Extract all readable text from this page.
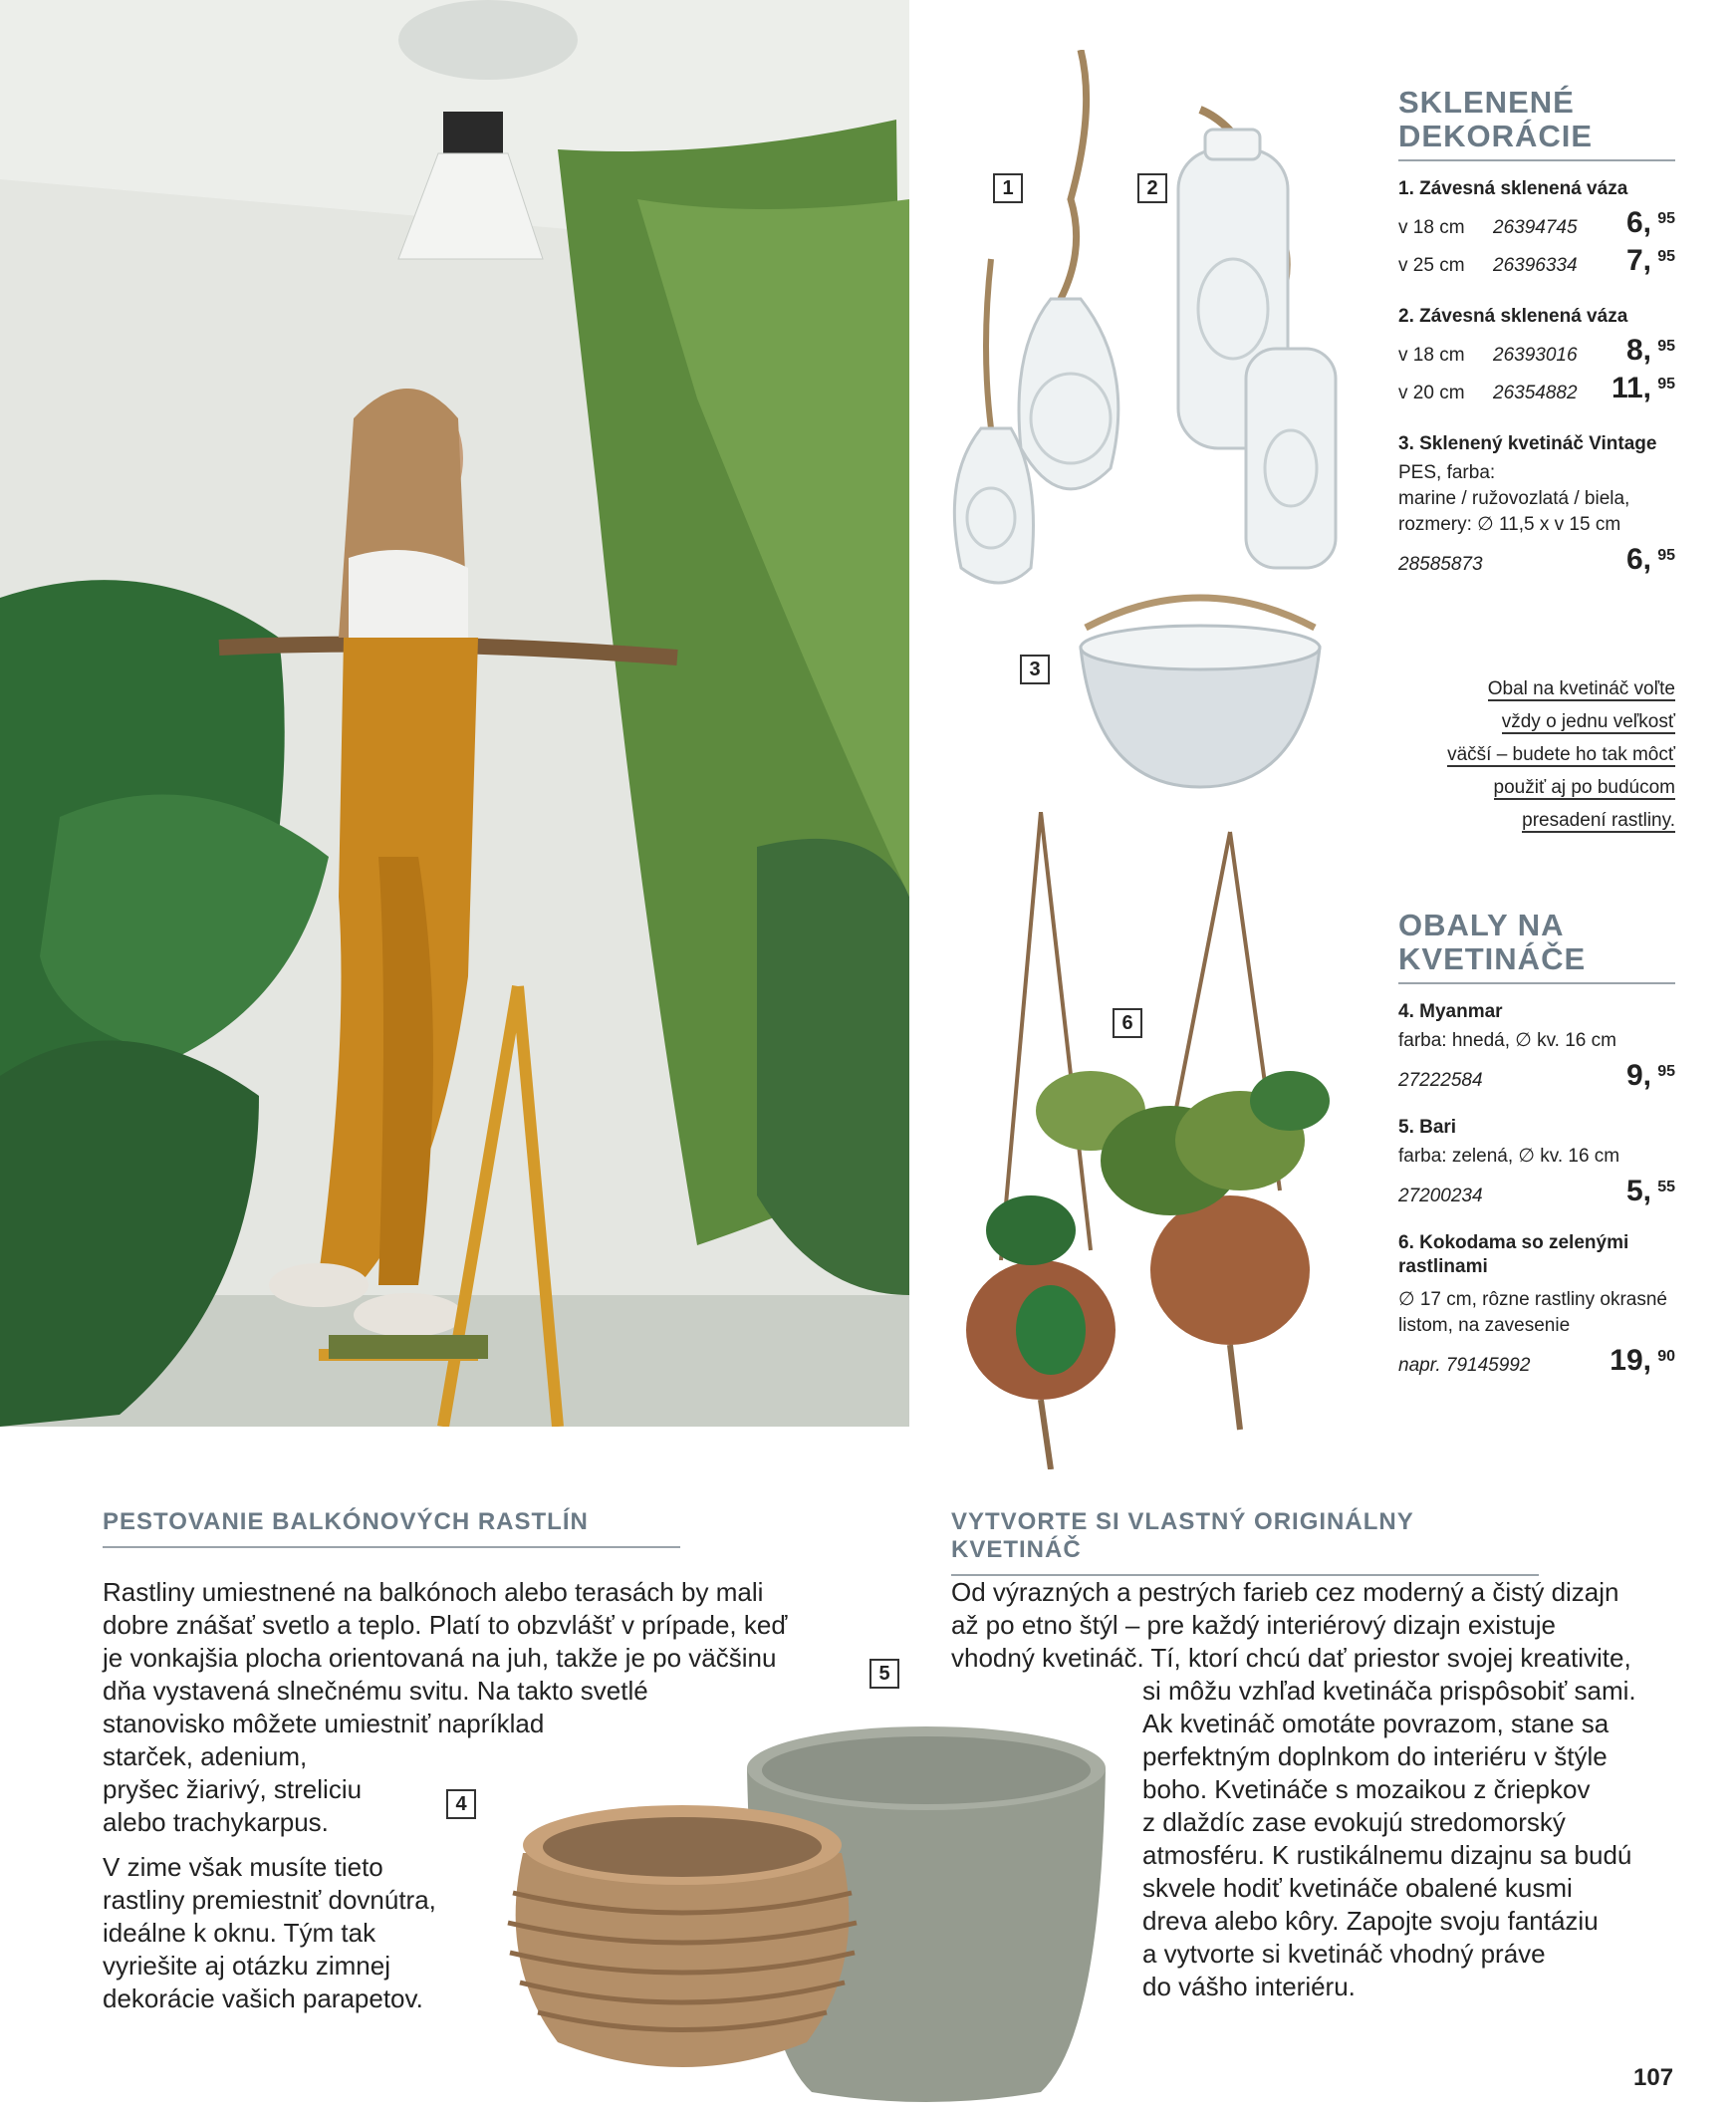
1	2
3
6
5
4
SKLENENÉ DEKORÁCIE
1. Závesná sklenená váza
v 18 cm	26394745	6, 95
v 25 cm	26396334	7, 95
2. Závesná sklenená váza
v 18 cm	26393016	8, 95
v 20 cm	26354882	11, 95
3. Sklenený kvetináč Vintage
PES, farba:
marine / ružovozlatá / biela,
rozmery: ∅ 11,5 x v 15 cm
28585873	6, 95
Obal na kvetináč voľte
vždy o jednu veľkosť
väčší – budete ho tak môcť
použiť aj po budúcom
presadení rastliny.
OBALY NA KVETINÁČE
4. Myanmar
farba: hnedá, ∅ kv. 16 cm
27222584	9, 95
5. Bari
farba: zelená, ∅ kv. 16 cm
27200234	5, 55
6. Kokodama so zelenými rastlinami
∅ 17 cm, rôzne rastliny okrasné listom, na zavesenie
napr. 79145992	19, 90
PESTOVANIE BALKÓNOVÝCH RASTLÍN
Rastliny umiestnené na balkónoch alebo terasách by mali
dobre znášať svetlo a teplo. Platí to obzvlášť v prípade, keď
je vonkajšia plocha orientovaná na juh, takže je po väčšinu
dňa vystavená slnečnému svitu. Na takto svetlé
stanovisko môžete umiestniť napríklad
starček, adenium,
pryšec žiarivý, streliciu
alebo trachykarpus.
V zime však musíte tieto
rastliny premiestniť dovnútra,
ideálne k oknu. Tým tak
vyriešite aj otázku zimnej
dekorácie vašich parapetov.
VYTVORTE SI VLASTNÝ ORIGINÁLNY KVETINÁČ
Od výrazných a pestrých farieb cez moderný a čistý dizajn
až po etno štýl – pre každý interiérový dizajn existuje
vhodný kvetináč. Tí, ktorí chcú dať priestor svojej kreativite,
si môžu vzhľad kvetináča prispôsobiť sami.
Ak kvetináč omotáte povrazom, stane sa
perfektným doplnkom do interiéru v štýle
boho. Kvetináče s mozaikou z čriepkov
z dlaždíc zase evokujú stredomorský
atmosféru. K rustikálnemu dizajnu sa budú
skvele hodiť kvetináče obalené kusmi
dreva alebo kôry. Zapojte svoju fantáziu
a vytvorte si kvetináč vhodný práve
do vášho interiéru.
107
